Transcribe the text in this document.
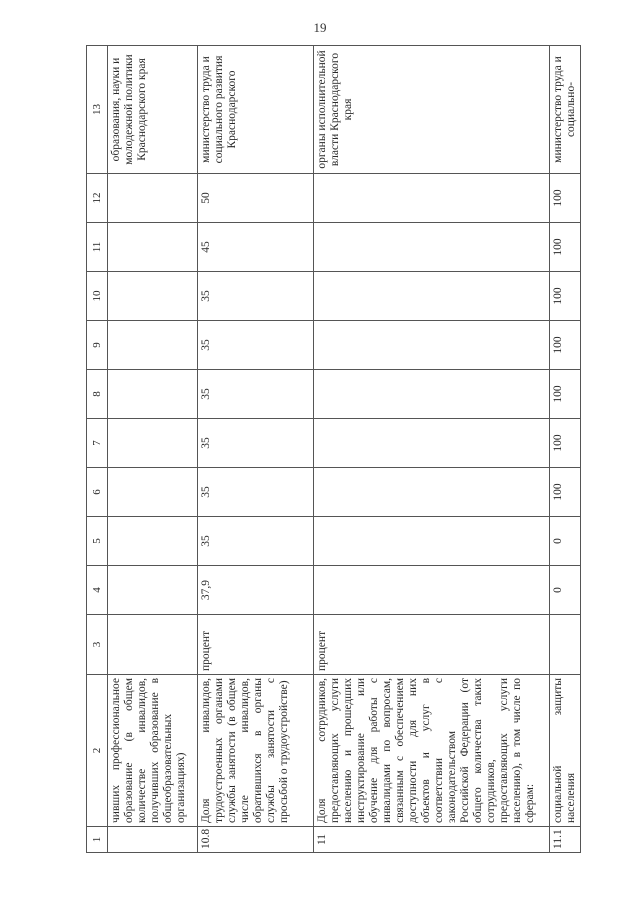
19
1	2	3	4	5	6	7	8	9	10	11	12	13
	чивших профессиональное образование (в общем количестве инвалидов, получивших образование в общеобразовательных организациях)											образования, науки и молодежной политики Краснодарского края
10.8	Доля инвалидов, трудоустроенных органами службы занятости (в общем числе инвалидов, обратившихся в органы службы занятости с просьбой о трудоустройстве)	процент	37,9	35	35	35	35	35	35	45	50	министерство труда и социального развития Краснодарского
11	Доля сотрудников, предоставляющих услуги населению и прошедших инструктирование или обучение для работы с инвалидами по вопросам, связанным с обеспечением доступности для них объектов и услуг в соответствии с законодательством Российской Федерации (от общего количества таких сотрудников, предоставляющих услуги населению), в том числе по сферам:	процент										органы исполнительной власти Краснодарского края
11.1	социальной защиты населения		0	0	100	100	100	100	100	100	100	министерство труда и социально-
